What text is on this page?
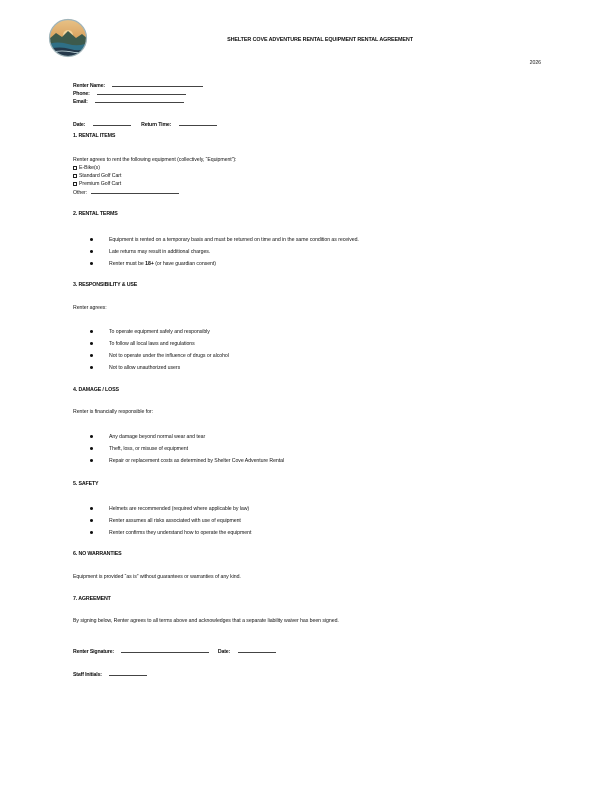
SHELTER COVE ADVENTURE RENTAL EQUIPMENT RENTAL AGREEMENT
2026
Renter Name:
Phone:
Email:
Date:	Return Time:
1. RENTAL ITEMS
Renter agrees to rent the following equipment (collectively, “Equipment”):
E-Bike(s)
Standard Golf Cart
Premium Golf Cart
Other:
2. RENTAL TERMS
Equipment is rented on a temporary basis and must be returned on time and in the same condition as received.
Late returns may result in additional charges.
Renter must be 18+ (or have guardian consent)
3. RESPONSIBILITY & USE
Renter agrees:
To operate equipment safely and responsibly
To follow all local laws and regulations
Not to operate under the influence of drugs or alcohol
Not to allow unauthorized users
4. DAMAGE / LOSS
Renter is financially responsible for:
Any damage beyond normal wear and tear
Theft, loss, or misuse of equipment
Repair or replacement costs as determined by Shelter Cove Adventure Rental
5. SAFETY
Helmets are recommended (required where applicable by law)
Renter assumes all risks associated with use of equipment
Renter confirms they understand how to operate the equipment
6. NO WARRANTIES
Equipment is provided “as is” without guarantees or warranties of any kind.
7. AGREEMENT
By signing below, Renter agrees to all terms above and acknowledges that a separate liability waiver has been signed.
Renter Signature:	Date:
Staff Initials:
